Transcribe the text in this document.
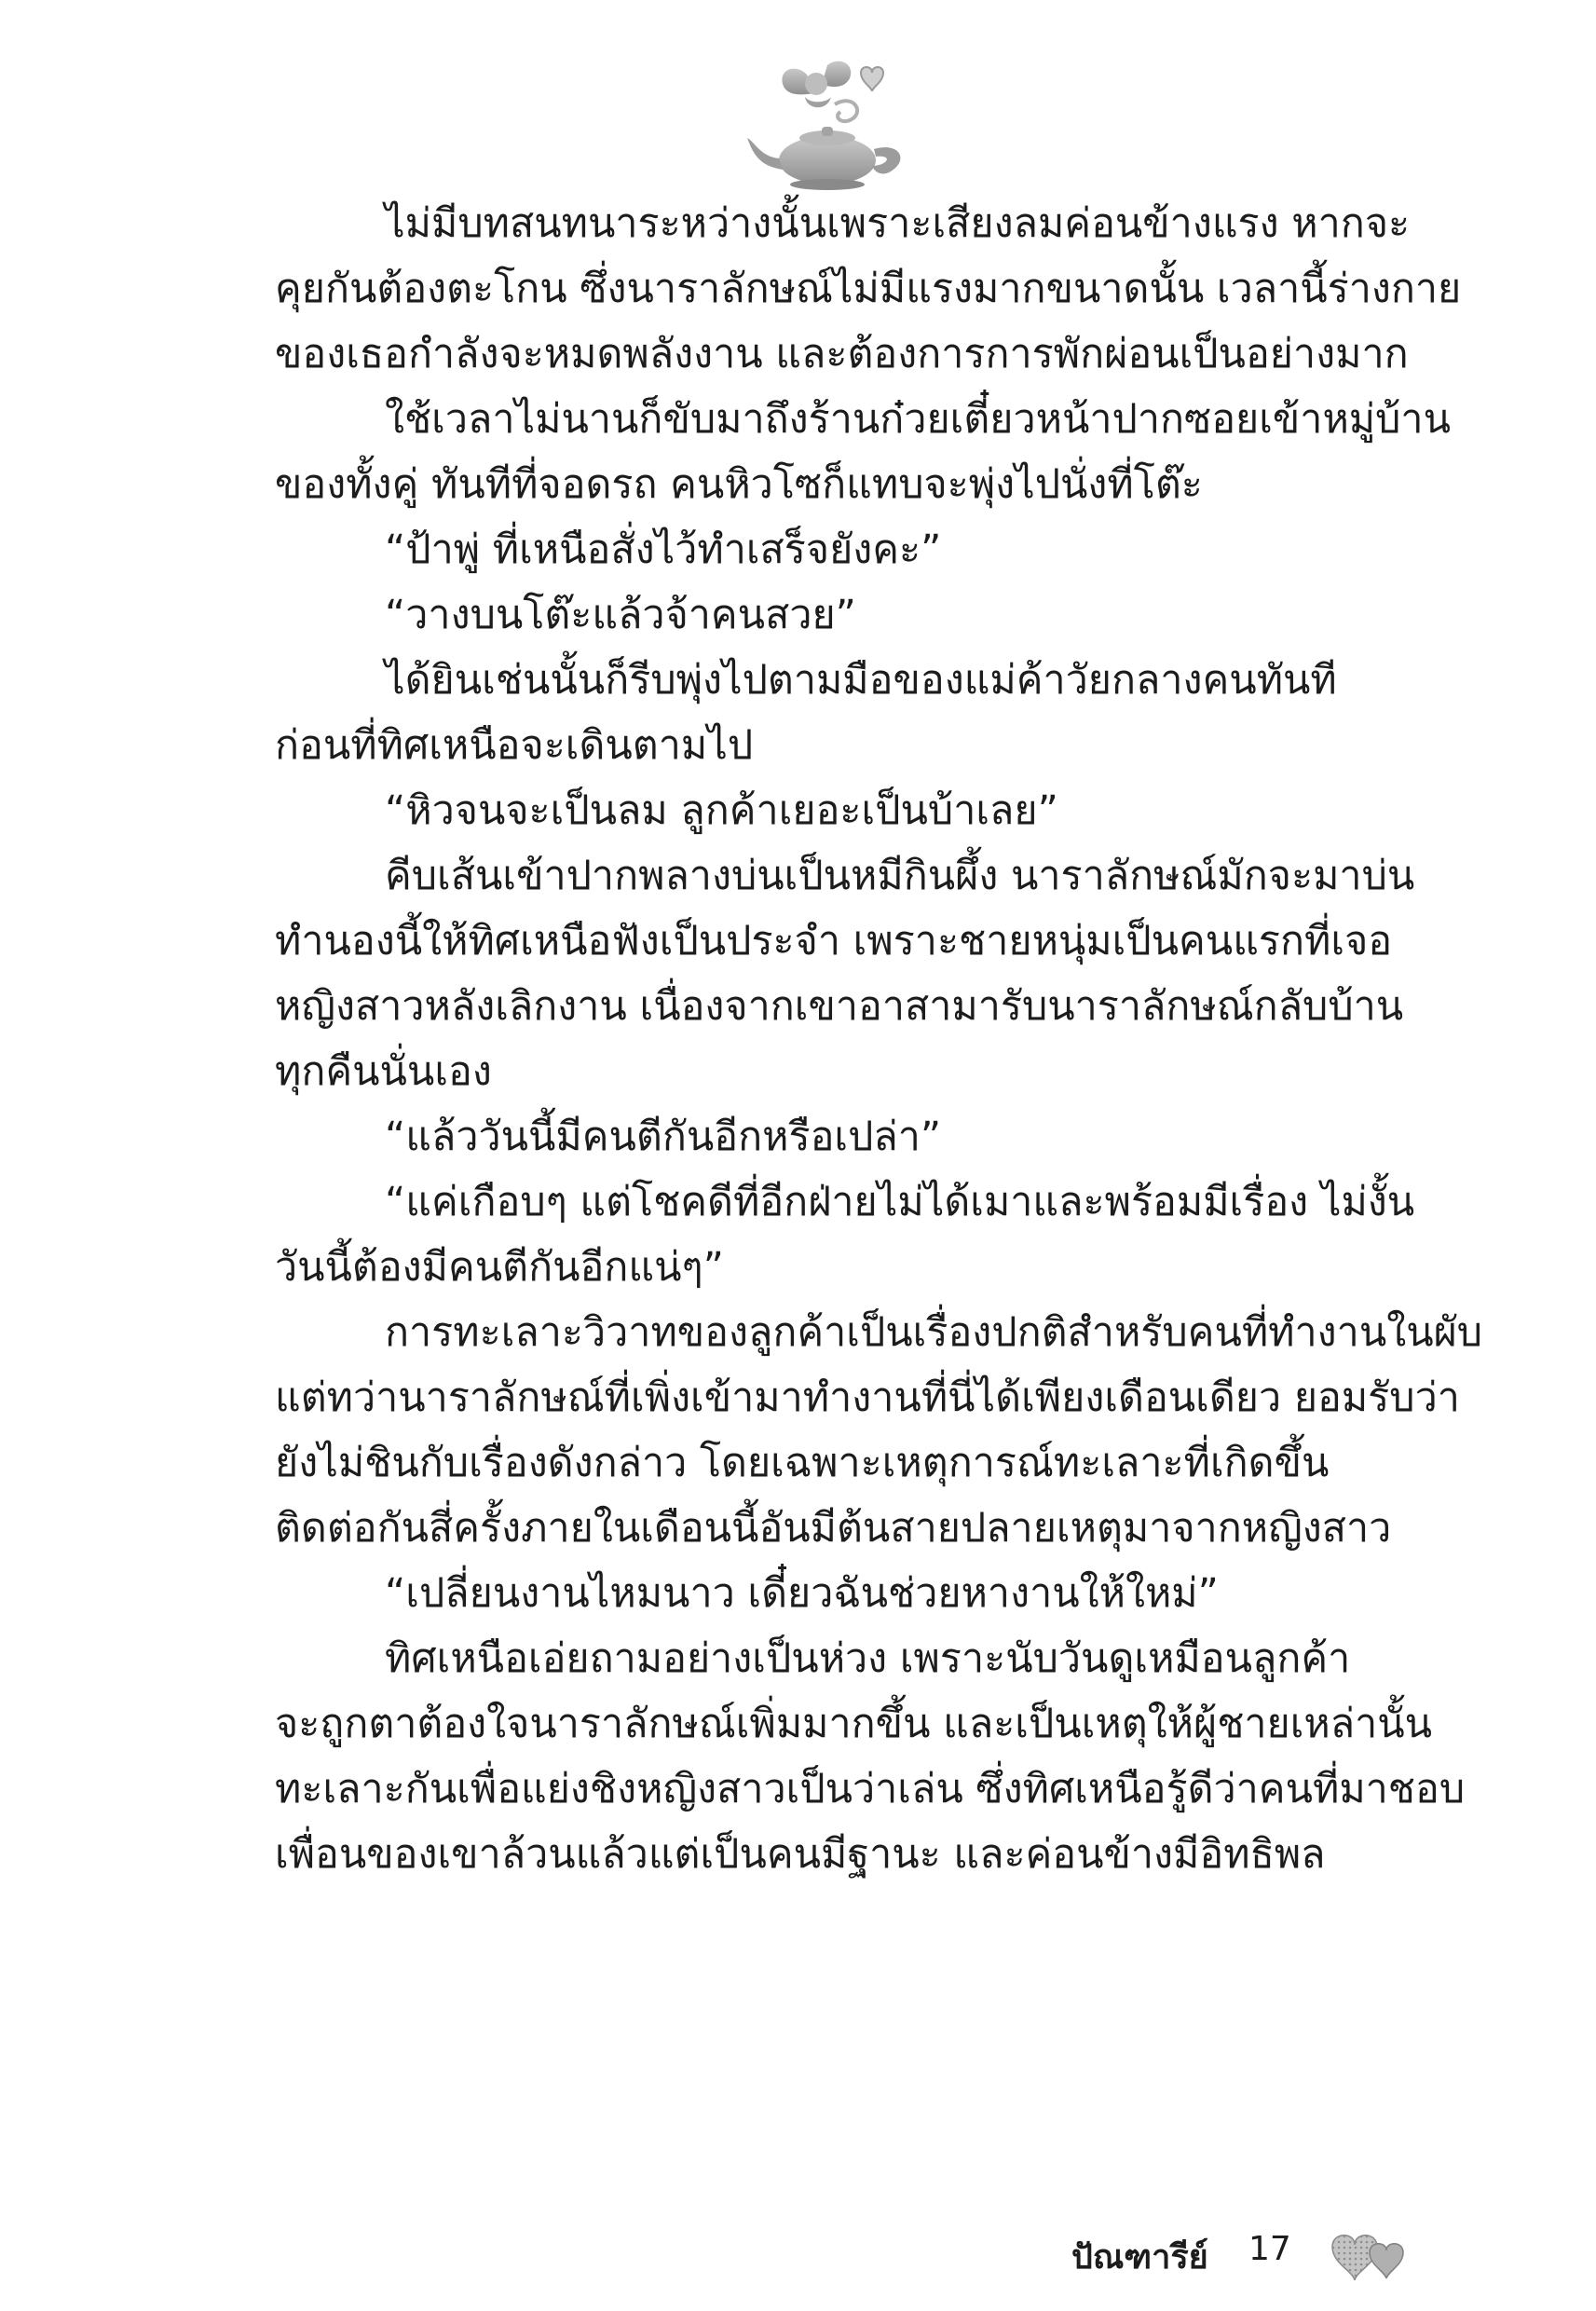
ไม่มีบทสนทนาระหว่างนั้นเพราะเสียงลมค่อนข้างแรง หากจะ
คุยกันต้องตะโกน ซึ่งนาราลักษณ์ไม่มีแรงมากขนาดนั้น เวลานี้ร่างกาย
ของเธอกำลังจะหมดพลังงาน และต้องการการพักผ่อนเป็นอย่างมาก
ใช้เวลาไม่นานก็ขับมาถึงร้านก๋วยเตี๋ยวหน้าปากซอยเข้าหมู่บ้าน
ของทั้งคู่ ทันทีที่จอดรถ คนหิวโซก็แทบจะพุ่งไปนั่งที่โต๊ะ
“ป้าพู่ ที่เหนือสั่งไว้ทำเสร็จยังคะ”
“วางบนโต๊ะแล้วจ้าคนสวย”
ได้ยินเช่นนั้นก็รีบพุ่งไปตามมือของแม่ค้าวัยกลางคนทันที
ก่อนที่ทิศเหนือจะเดินตามไป
“หิวจนจะเป็นลม ลูกค้าเยอะเป็นบ้าเลย”
คีบเส้นเข้าปากพลางบ่นเป็นหมีกินผึ้ง นาราลักษณ์มักจะมาบ่น
ทำนองนี้ให้ทิศเหนือฟังเป็นประจำ เพราะชายหนุ่มเป็นคนแรกที่เจอ
หญิงสาวหลังเลิกงาน เนื่องจากเขาอาสามารับนาราลักษณ์กลับบ้าน
ทุกคืนนั่นเอง
“แล้ววันนี้มีคนตีกันอีกหรือเปล่า”
“แค่เกือบๆ แต่โชคดีที่อีกฝ่ายไม่ได้เมาและพร้อมมีเรื่อง ไม่งั้น
วันนี้ต้องมีคนตีกันอีกแน่ๆ”
การทะเลาะวิวาทของลูกค้าเป็นเรื่องปกติสำหรับคนที่ทำงานในผับ
แต่ทว่านาราลักษณ์ที่เพิ่งเข้ามาทำงานที่นี่ได้เพียงเดือนเดียว ยอมรับว่า
ยังไม่ชินกับเรื่องดังกล่าว โดยเฉพาะเหตุการณ์ทะเลาะที่เกิดขึ้น
ติดต่อกันสี่ครั้งภายในเดือนนี้อันมีต้นสายปลายเหตุมาจากหญิงสาว
“เปลี่ยนงานไหมนาว เดี๋ยวฉันช่วยหางานให้ใหม่”
ทิศเหนือเอ่ยถามอย่างเป็นห่วง เพราะนับวันดูเหมือนลูกค้า
จะถูกตาต้องใจนาราลักษณ์เพิ่มมากขึ้น และเป็นเหตุให้ผู้ชายเหล่านั้น
ทะเลาะกันเพื่อแย่งชิงหญิงสาวเป็นว่าเล่น ซึ่งทิศเหนือรู้ดีว่าคนที่มาชอบ
เพื่อนของเขาล้วนแล้วแต่เป็นคนมีฐานะ และค่อนข้างมีอิทธิพล
ปัณฑารีย์ 17
